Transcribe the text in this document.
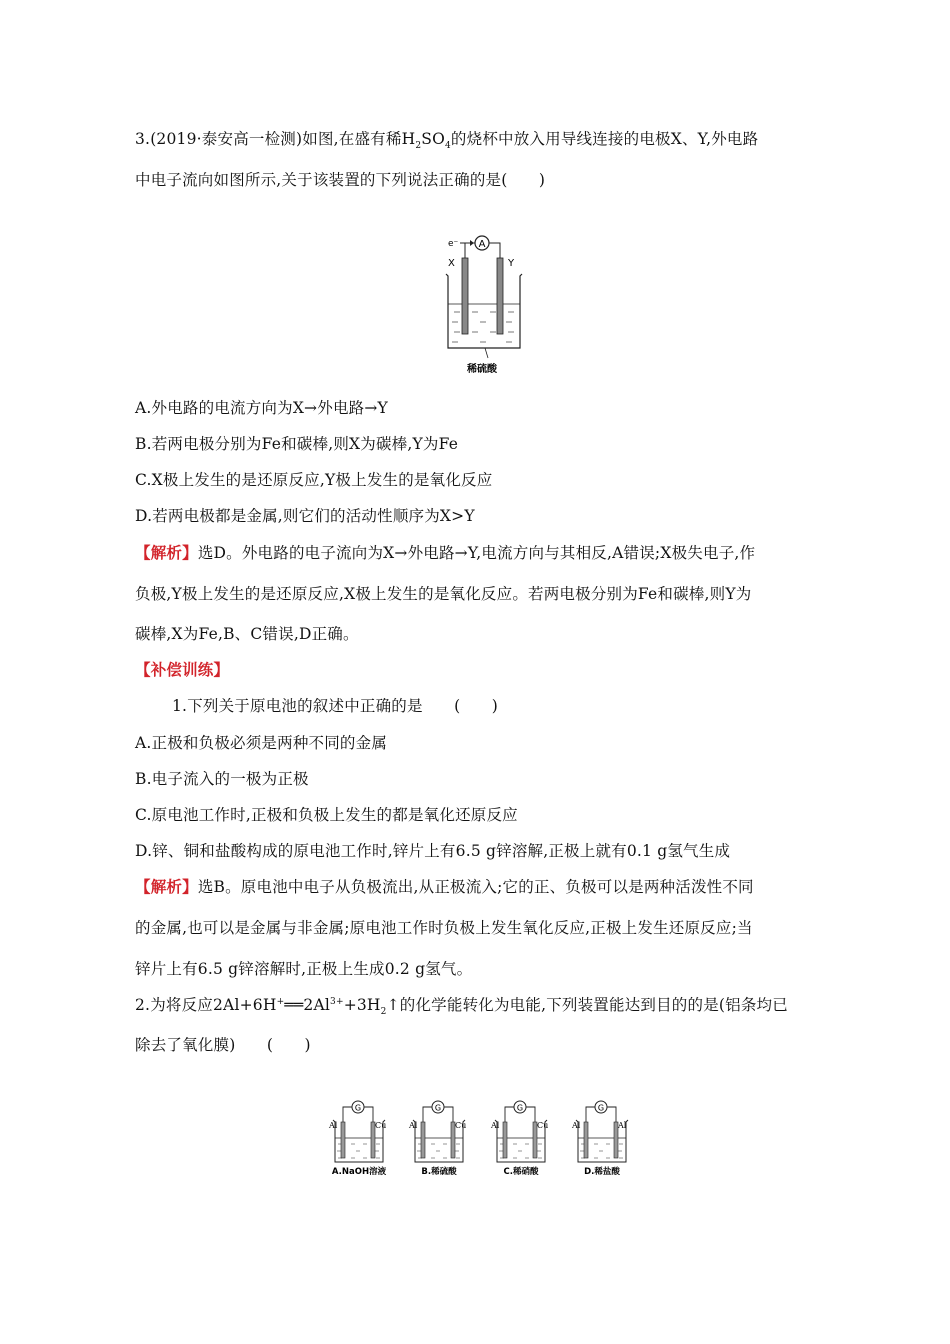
3.(2019·泰安高一检测)如图,在盛有稀$H_2SO_4$的烧杯中放入用导线连接的电极X、Y,外电路
中电子流向如图所示,关于该装置的下列说法正确的是(　　)
e⁻ A
X	Y
稀硫酸
A.外电路的电流方向为X→外电路→Y
B.若两电极分别为Fe和碳棒,则X为碳棒,Y为Fe
C.X极上发生的是还原反应,Y极上发生的是氧化反应
D.若两电极都是金属,则它们的活动性顺序为X>Y
【解析】选D。外电路的电子流向为X→外电路→Y,电流方向与其相反,A错误;X极失电子,作
负极,Y极上发生的是还原反应,X极上发生的是氧化反应。若两电极分别为Fe和碳棒,则Y为
碳棒,X为Fe,B、C错误,D正确。
【补偿训练】
1.下列关于原电池的叙述中正确的是　　(　　)
A.正极和负极必须是两种不同的金属
B.电子流入的一极为正极
C.原电池工作时,正极和负极上发生的都是氧化还原反应
D.锌、铜和盐酸构成的原电池工作时,锌片上有6.5 g锌溶解,正极上就有0.1 g氢气生成
【解析】选B。原电池中电子从负极流出,从正极流入;它的正、负极可以是两种活泼性不同
的金属,也可以是金属与非金属;原电池工作时负极上发生氧化反应,正极上发生还原反应;当
锌片上有6.5 g锌溶解时,正极上生成0.2 g氢气。
2.为将反应$2Al+6H^+══2Al^{3+}+3H_2↑$的化学能转化为电能,下列装置能达到目的的是(铝条均已
除去了氧化膜)　　(　　)
G
Al	Cu
A.NaOH溶液
G
Al	Cu
B.稀硫酸
G
Al	Cu
C.稀硝酸
G
Al	Al
D.稀盐酸
